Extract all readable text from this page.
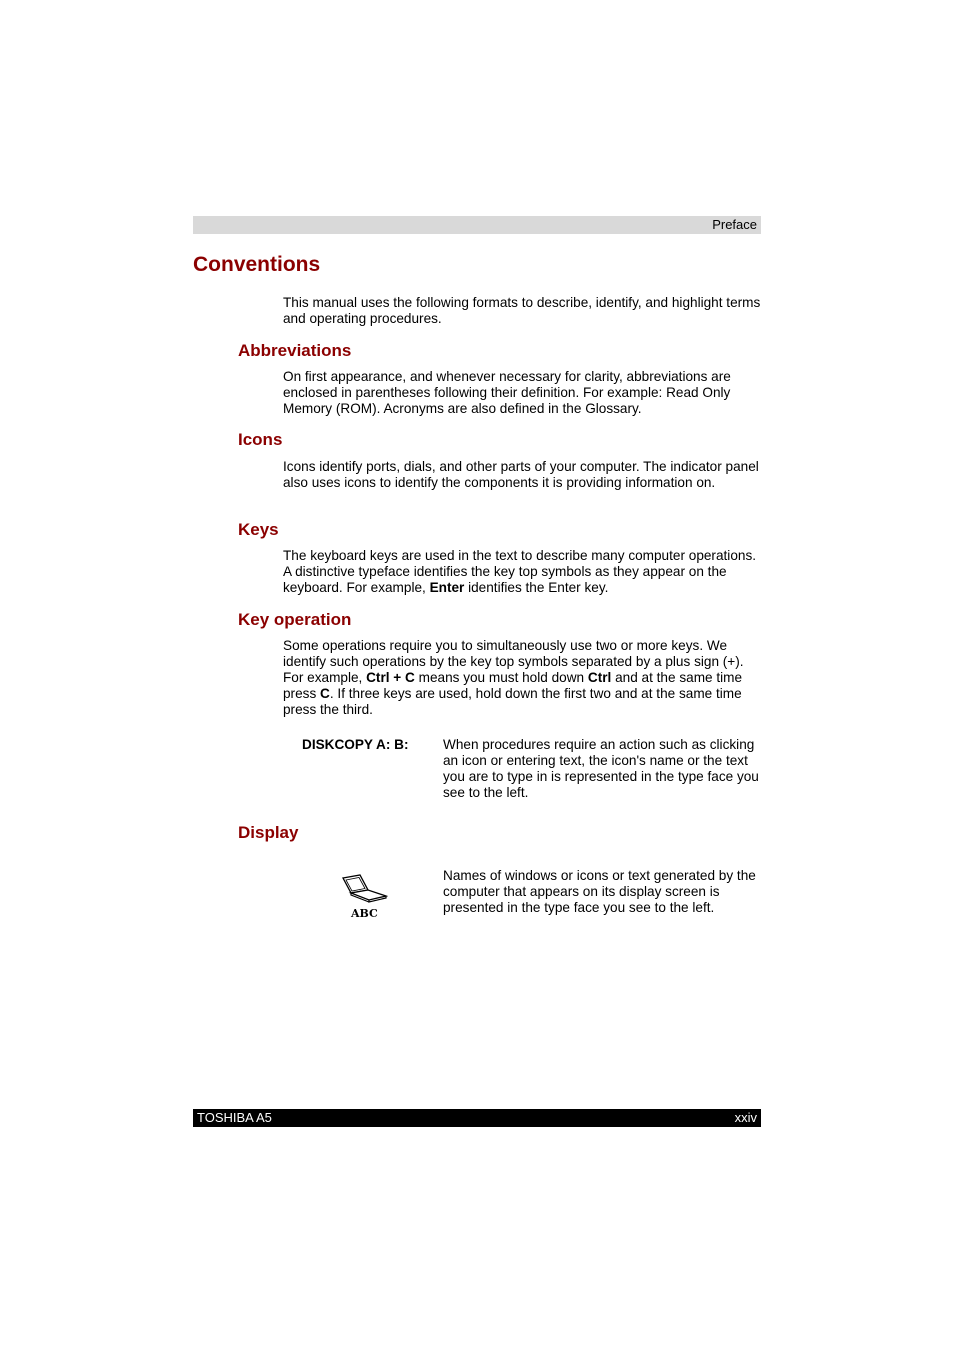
Preface
Conventions

This manual uses the following formats to describe, identify, and highlight terms and operating procedures.

Abbreviations

On first appearance, and whenever necessary for clarity, abbreviations are enclosed in parentheses following their definition. For example: Read Only Memory (ROM). Acronyms are also defined in the Glossary.

Icons

Icons identify ports, dials, and other parts of your computer. The indicator panel also uses icons to identify the components it is providing information on.

Keys

The keyboard keys are used in the text to describe many computer operations. A distinctive typeface identifies the key top symbols as they appear on the keyboard. For example, Enter identifies the Enter key.

Key operation

Some operations require you to simultaneously use two or more keys. We identify such operations by the key top symbols separated by a plus sign (+). For example, Ctrl + C means you must hold down Ctrl and at the same time press C. If three keys are used, hold down the first two and at the same time press the third.

DISKCOPY A: B:	When procedures require an action such as clicking an icon or entering text, the icon's name or the text you are to type in is represented in the type face you see to the left.

Display
ABC

Names of windows or icons or text generated by the computer that appears on its display screen is presented in the type face you see to the left.

TOSHIBA A5	xxiv
